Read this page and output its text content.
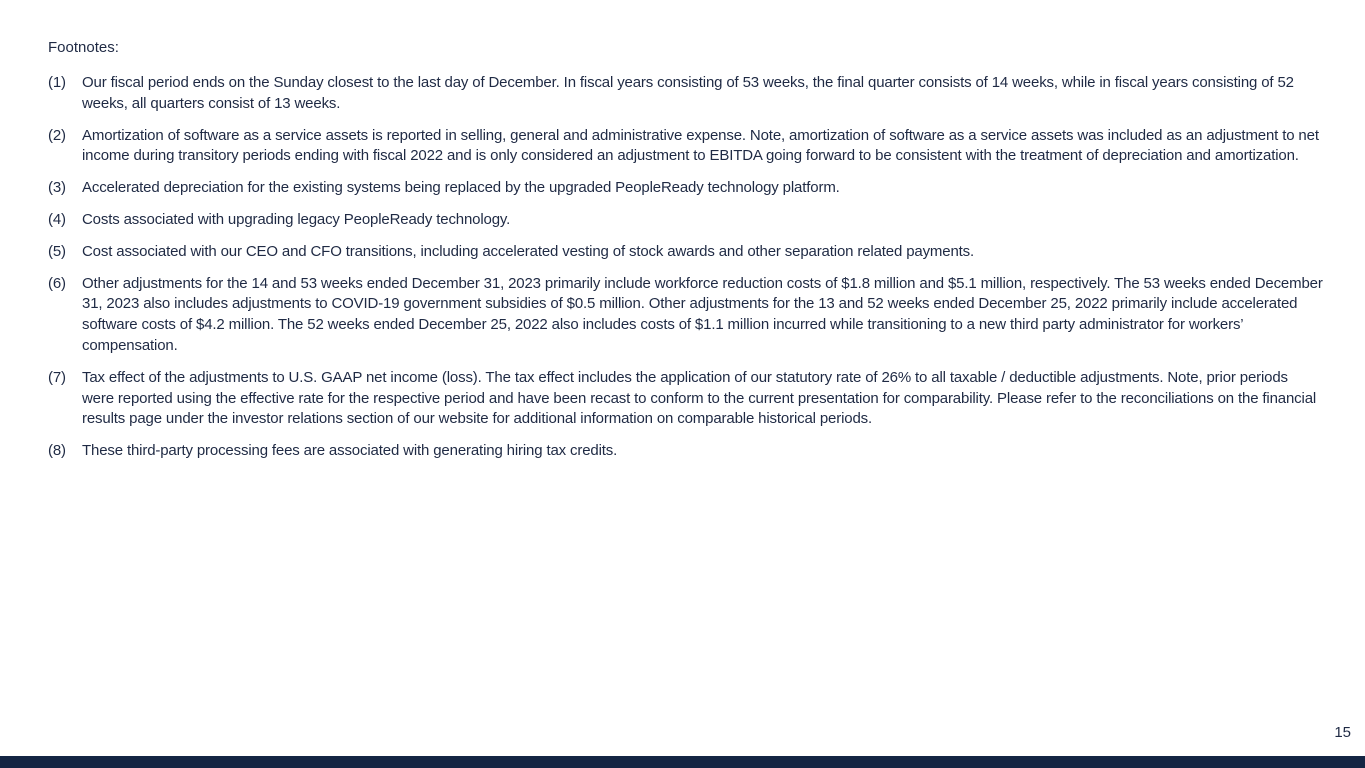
Footnotes:
(1)	Our fiscal period ends on the Sunday closest to the last day of December. In fiscal years consisting of 53 weeks, the final quarter consists of 14 weeks, while in fiscal years consisting of 52 weeks, all quarters consist of 13 weeks.
(2)	Amortization of software as a service assets is reported in selling, general and administrative expense. Note, amortization of software as a service assets was included as an adjustment to net income during transitory periods ending with fiscal 2022 and is only considered an adjustment to EBITDA going forward to be consistent with the treatment of depreciation and amortization.
(3)	Accelerated depreciation for the existing systems being replaced by the upgraded PeopleReady technology platform.
(4)	Costs associated with upgrading legacy PeopleReady technology.
(5)	Cost associated with our CEO and CFO transitions, including accelerated vesting of stock awards and other separation related payments.
(6)	Other adjustments for the 14 and 53 weeks ended December 31, 2023 primarily include workforce reduction costs of $1.8 million and $5.1 million, respectively. The 53 weeks ended December 31, 2023 also includes adjustments to COVID-19 government subsidies of $0.5 million. Other adjustments for the 13 and 52 weeks ended December 25, 2022 primarily include accelerated software costs of $4.2 million. The 52 weeks ended December 25, 2022 also includes costs of $1.1 million incurred while transitioning to a new third party administrator for workers’ compensation.
(7)	Tax effect of the adjustments to U.S. GAAP net income (loss). The tax effect includes the application of our statutory rate of 26% to all taxable / deductible adjustments. Note, prior periods were reported using the effective rate for the respective period and have been recast to conform to the current presentation for comparability. Please refer to the reconciliations on the financial results page under the investor relations section of our website for additional information on comparable historical periods.
(8)	These third-party processing fees are associated with generating hiring tax credits.
15
